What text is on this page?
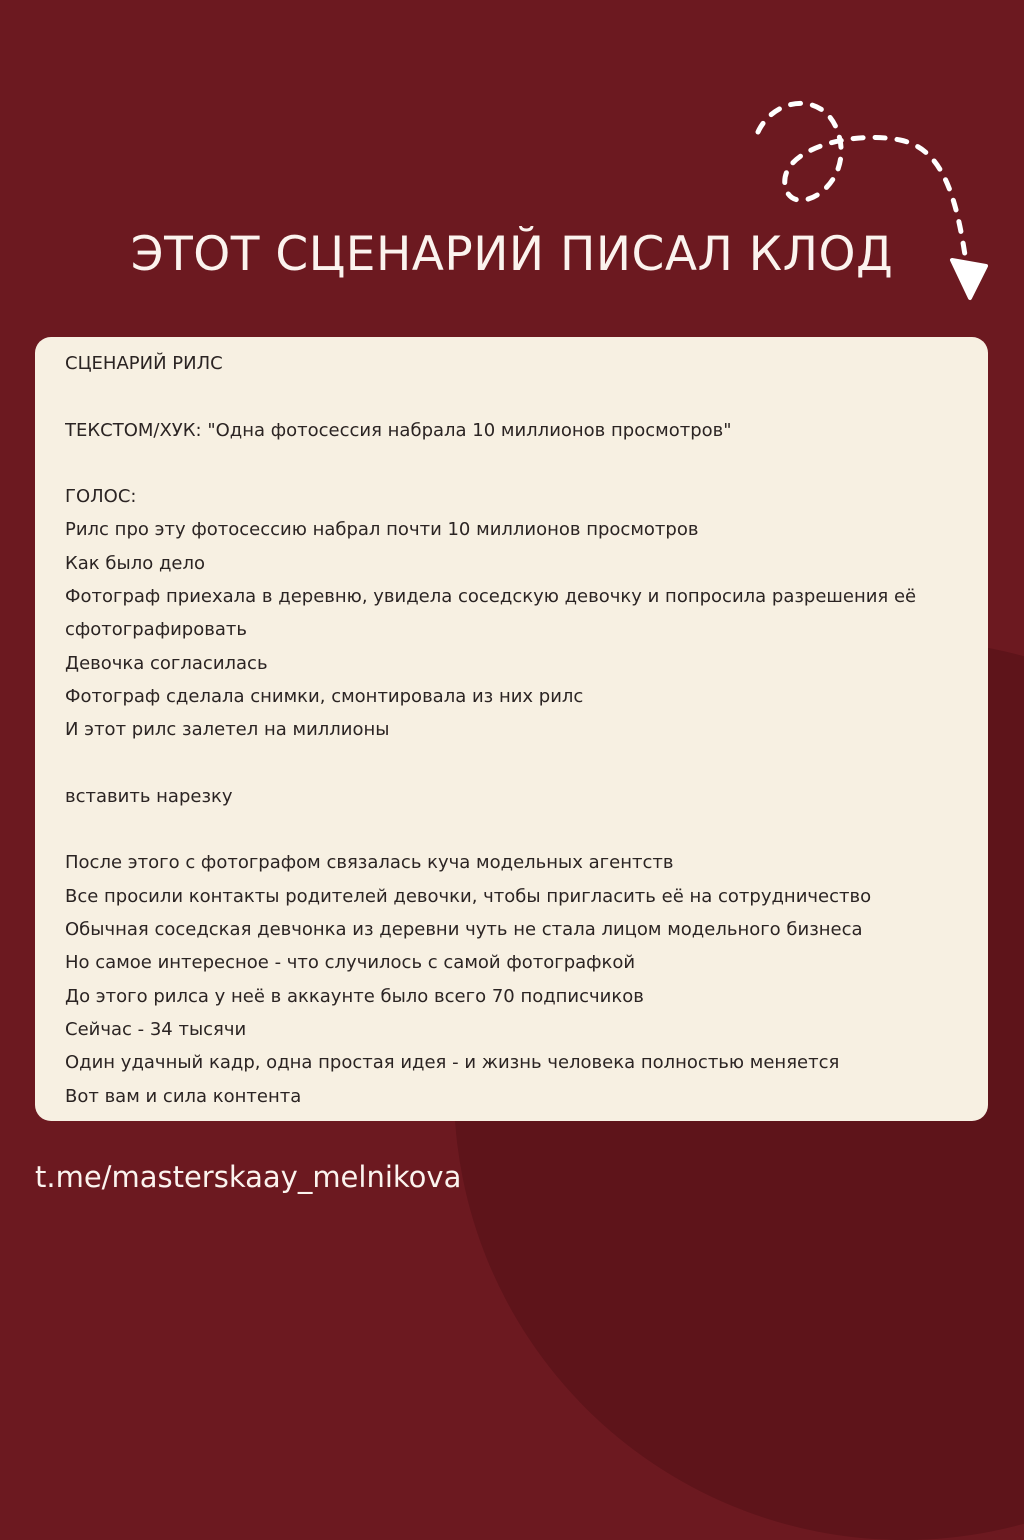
ЭТОТ СЦЕНАРИЙ ПИСАЛ КЛОД
СЦЕНАРИЙ РИЛС
ТЕКСТОМ/ХУК: "Одна фотосессия набрала 10 миллионов просмотров"
ГОЛОС:
Рилс про эту фотосессию набрал почти 10 миллионов просмотров
Как было дело
Фотограф приехала в деревню, увидела соседскую девочку и попросила разрешения её
сфотографировать
Девочка согласилась
Фотограф сделала снимки, смонтировала из них рилс
И этот рилс залетел на миллионы
вставить нарезку
После этого с фотографом связалась куча модельных агентств
Все просили контакты родителей девочки, чтобы пригласить её на сотрудничество
Обычная соседская девчонка из деревни чуть не стала лицом модельного бизнеса
Но самое интересное - что случилось с самой фотографкой
До этого рилса у неё в аккаунте было всего 70 подписчиков
Сейчас - 34 тысячи
Один удачный кадр, одна простая идея - и жизнь человека полностью меняется
Вот вам и сила контента
t.me/masterskaay_melnikova
